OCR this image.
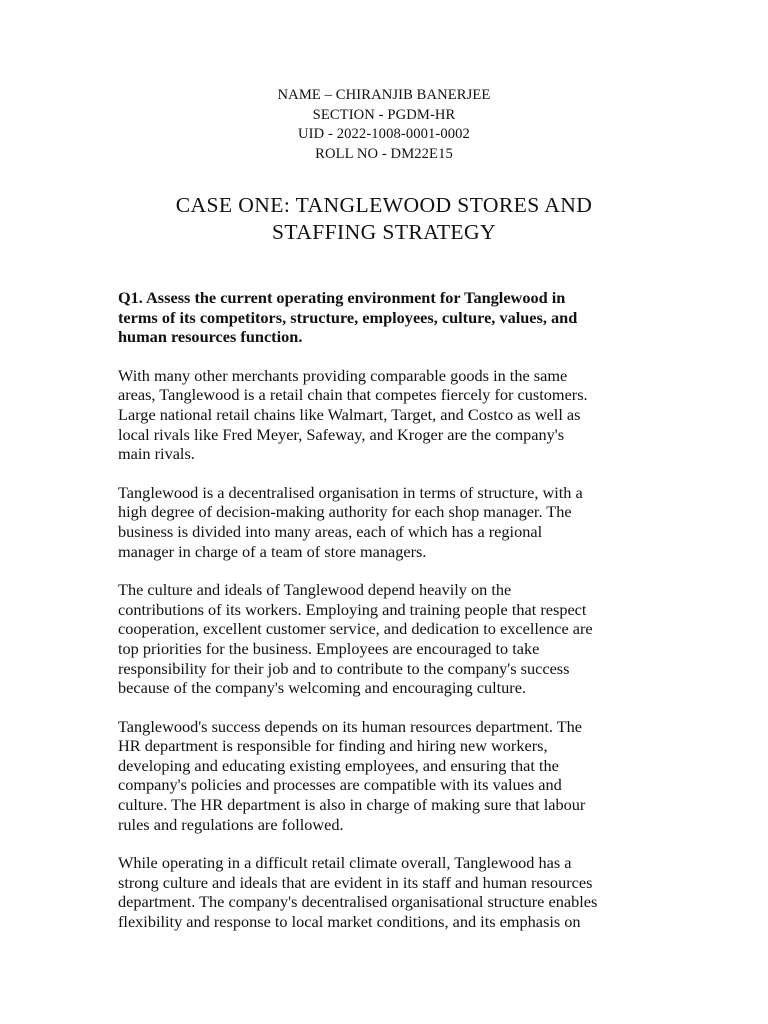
NAME – CHIRANJIB BANERJEE
SECTION - PGDM-HR
UID - 2022-1008-0001-0002
ROLL NO - DM22E15
CASE ONE: TANGLEWOOD STORES AND
STAFFING STRATEGY

Q1. Assess the current operating environment for Tanglewood in
terms of its competitors, structure, employees, culture, values, and
human resources function.

With many other merchants providing comparable goods in the same
areas, Tanglewood is a retail chain that competes fiercely for customers.
Large national retail chains like Walmart, Target, and Costco as well as
local rivals like Fred Meyer, Safeway, and Kroger are the company's
main rivals.

Tanglewood is a decentralised organisation in terms of structure, with a
high degree of decision-making authority for each shop manager. The
business is divided into many areas, each of which has a regional
manager in charge of a team of store managers.

The culture and ideals of Tanglewood depend heavily on the
contributions of its workers. Employing and training people that respect
cooperation, excellent customer service, and dedication to excellence are
top priorities for the business. Employees are encouraged to take
responsibility for their job and to contribute to the company's success
because of the company's welcoming and encouraging culture.

Tanglewood's success depends on its human resources department. The
HR department is responsible for finding and hiring new workers,
developing and educating existing employees, and ensuring that the
company's policies and processes are compatible with its values and
culture. The HR department is also in charge of making sure that labour
rules and regulations are followed.

While operating in a difficult retail climate overall, Tanglewood has a
strong culture and ideals that are evident in its staff and human resources
department. The company's decentralised organisational structure enables
flexibility and response to local market conditions, and its emphasis on
